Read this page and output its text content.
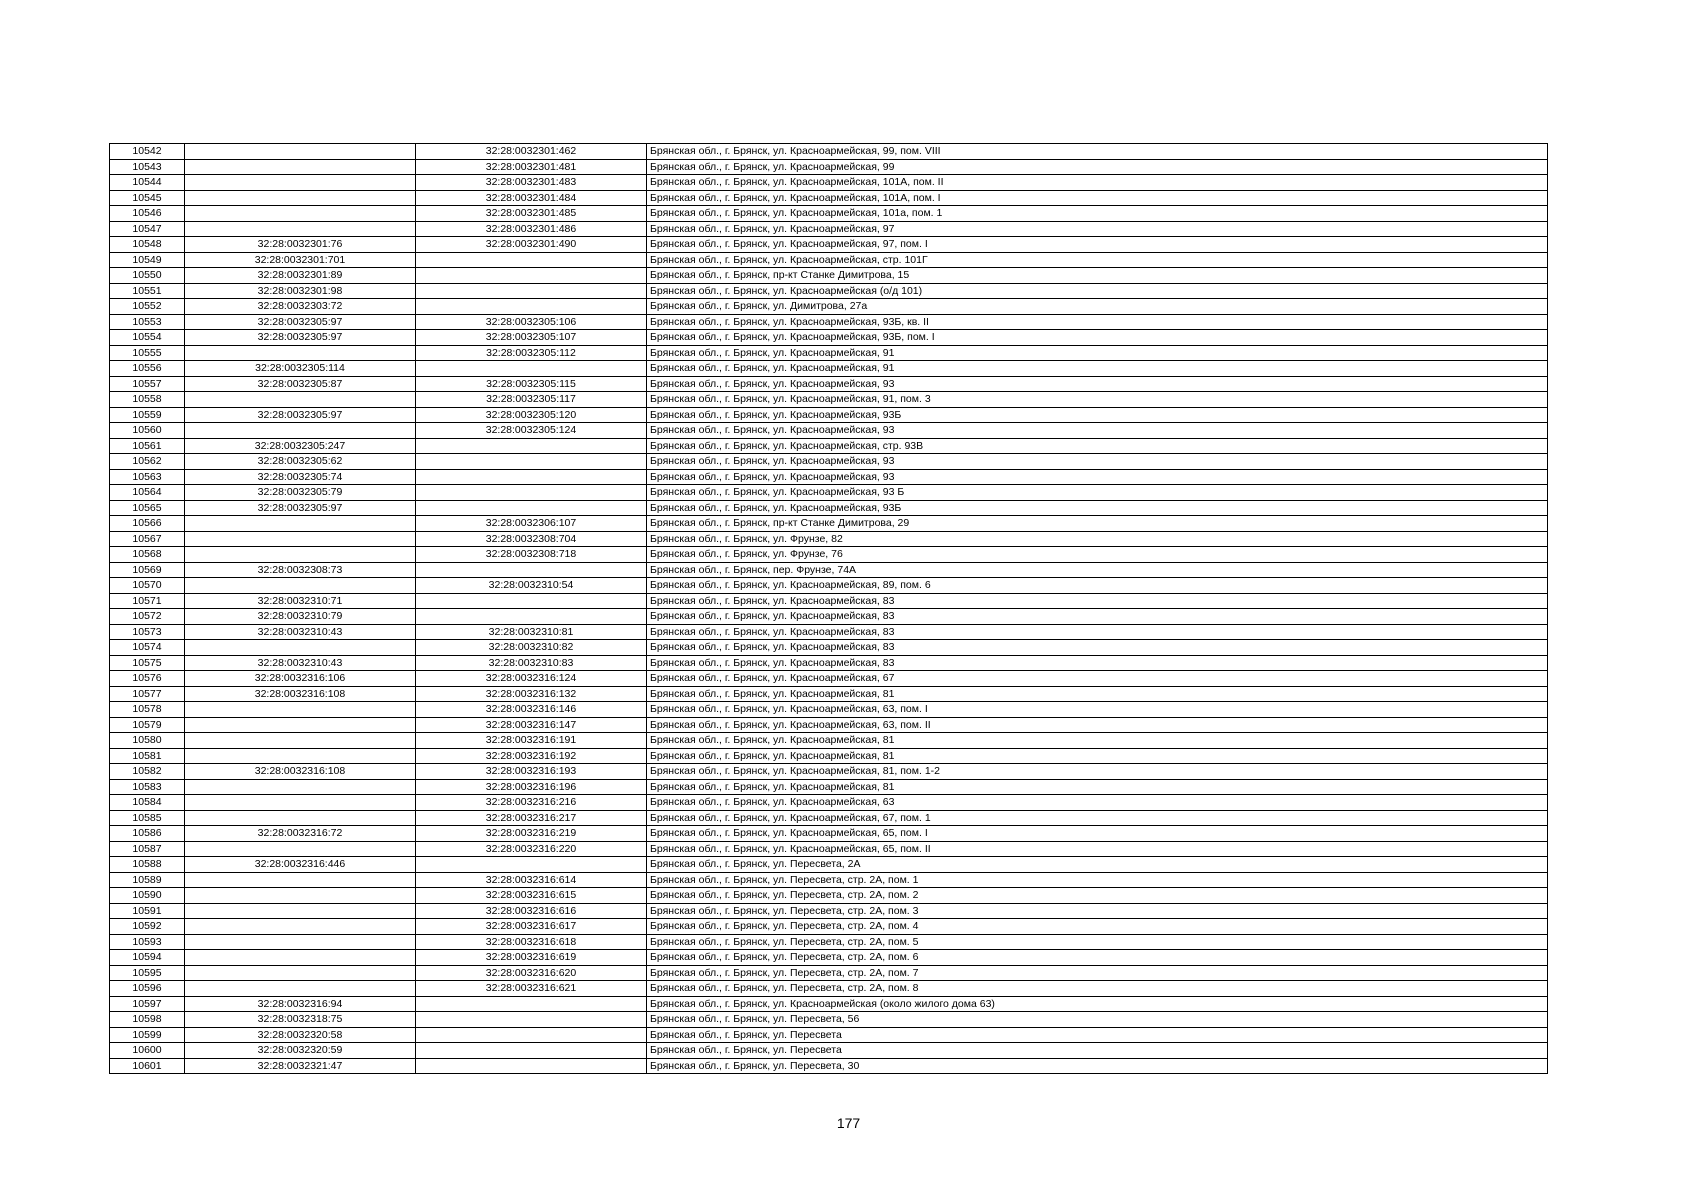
10542		32:28:0032301:462	Брянская обл., г. Брянск, ул. Красноармейская, 99, пом. VIII
10543		32:28:0032301:481	Брянская обл., г. Брянск, ул. Красноармейская, 99
10544		32:28:0032301:483	Брянская обл., г. Брянск, ул. Красноармейская, 101А, пом. II
10545		32:28:0032301:484	Брянская обл., г. Брянск, ул. Красноармейская, 101А, пом. I
10546		32:28:0032301:485	Брянская обл., г. Брянск, ул. Красноармейская, 101а, пом. 1
10547		32:28:0032301:486	Брянская обл., г. Брянск, ул. Красноармейская, 97
10548	32:28:0032301:76	32:28:0032301:490	Брянская обл., г. Брянск, ул. Красноармейская, 97, пом. I
10549	32:28:0032301:701		Брянская обл., г. Брянск, ул. Красноармейская, стр. 101Г
10550	32:28:0032301:89		Брянская обл., г. Брянск, пр-кт Станке Димитрова, 15
10551	32:28:0032301:98		Брянская обл., г. Брянск, ул. Красноармейская (о/д 101)
10552	32:28:0032303:72		Брянская обл., г. Брянск, ул. Димитрова, 27а
10553	32:28:0032305:97	32:28:0032305:106	Брянская обл., г. Брянск, ул. Красноармейская, 93Б, кв. II
10554	32:28:0032305:97	32:28:0032305:107	Брянская обл., г. Брянск, ул. Красноармейская, 93Б, пом. I
10555		32:28:0032305:112	Брянская обл., г. Брянск, ул. Красноармейская, 91
10556	32:28:0032305:114		Брянская обл., г. Брянск, ул. Красноармейская, 91
10557	32:28:0032305:87	32:28:0032305:115	Брянская обл., г. Брянск, ул. Красноармейская, 93
10558		32:28:0032305:117	Брянская обл., г. Брянск, ул. Красноармейская, 91, пом. 3
10559	32:28:0032305:97	32:28:0032305:120	Брянская обл., г. Брянск, ул. Красноармейская, 93Б
10560		32:28:0032305:124	Брянская обл., г. Брянск, ул. Красноармейская, 93
10561	32:28:0032305:247		Брянская обл., г. Брянск, ул. Красноармейская, стр. 93В
10562	32:28:0032305:62		Брянская обл., г. Брянск, ул. Красноармейская, 93
10563	32:28:0032305:74		Брянская обл., г. Брянск, ул. Красноармейская, 93
10564	32:28:0032305:79		Брянская обл., г. Брянск, ул. Красноармейская, 93 Б
10565	32:28:0032305:97		Брянская обл., г. Брянск, ул. Красноармейская, 93Б
10566		32:28:0032306:107	Брянская обл., г. Брянск, пр-кт Станке Димитрова, 29
10567		32:28:0032308:704	Брянская обл., г. Брянск, ул. Фрунзе, 82
10568		32:28:0032308:718	Брянская обл., г. Брянск, ул. Фрунзе, 76
10569	32:28:0032308:73		Брянская обл., г. Брянск, пер. Фрунзе, 74А
10570		32:28:0032310:54	Брянская обл., г. Брянск, ул. Красноармейская, 89, пом. 6
10571	32:28:0032310:71		Брянская обл., г. Брянск, ул. Красноармейская, 83
10572	32:28:0032310:79		Брянская обл., г. Брянск, ул. Красноармейская, 83
10573	32:28:0032310:43	32:28:0032310:81	Брянская обл., г. Брянск, ул. Красноармейская, 83
10574		32:28:0032310:82	Брянская обл., г. Брянск, ул. Красноармейская, 83
10575	32:28:0032310:43	32:28:0032310:83	Брянская обл., г. Брянск, ул. Красноармейская, 83
10576	32:28:0032316:106	32:28:0032316:124	Брянская обл., г. Брянск, ул. Красноармейская, 67
10577	32:28:0032316:108	32:28:0032316:132	Брянская обл., г. Брянск, ул. Красноармейская, 81
10578		32:28:0032316:146	Брянская обл., г. Брянск, ул. Красноармейская, 63, пом. I
10579		32:28:0032316:147	Брянская обл., г. Брянск, ул. Красноармейская, 63, пом. II
10580		32:28:0032316:191	Брянская обл., г. Брянск, ул. Красноармейская, 81
10581		32:28:0032316:192	Брянская обл., г. Брянск, ул. Красноармейская, 81
10582	32:28:0032316:108	32:28:0032316:193	Брянская обл., г. Брянск, ул. Красноармейская, 81, пом. 1-2
10583		32:28:0032316:196	Брянская обл., г. Брянск, ул. Красноармейская, 81
10584		32:28:0032316:216	Брянская обл., г. Брянск, ул. Красноармейская, 63
10585		32:28:0032316:217	Брянская обл., г. Брянск, ул. Красноармейская, 67, пом. 1
10586	32:28:0032316:72	32:28:0032316:219	Брянская обл., г. Брянск, ул. Красноармейская, 65, пом. I
10587		32:28:0032316:220	Брянская обл., г. Брянск, ул. Красноармейская, 65, пом. II
10588	32:28:0032316:446		Брянская обл., г. Брянск, ул. Пересвета, 2А
10589		32:28:0032316:614	Брянская обл., г. Брянск, ул. Пересвета, стр. 2А, пом. 1
10590		32:28:0032316:615	Брянская обл., г. Брянск, ул. Пересвета, стр. 2А, пом. 2
10591		32:28:0032316:616	Брянская обл., г. Брянск, ул. Пересвета, стр. 2А, пом. 3
10592		32:28:0032316:617	Брянская обл., г. Брянск, ул. Пересвета, стр. 2А, пом. 4
10593		32:28:0032316:618	Брянская обл., г. Брянск, ул. Пересвета, стр. 2А, пом. 5
10594		32:28:0032316:619	Брянская обл., г. Брянск, ул. Пересвета, стр. 2А, пом. 6
10595		32:28:0032316:620	Брянская обл., г. Брянск, ул. Пересвета, стр. 2А, пом. 7
10596		32:28:0032316:621	Брянская обл., г. Брянск, ул. Пересвета, стр. 2А, пом. 8
10597	32:28:0032316:94		Брянская обл., г. Брянск, ул. Красноармейская (около жилого дома 63)
10598	32:28:0032318:75		Брянская обл., г. Брянск, ул. Пересвета, 56
10599	32:28:0032320:58		Брянская обл., г. Брянск, ул. Пересвета
10600	32:28:0032320:59		Брянская обл., г. Брянск, ул. Пересвета
10601	32:28:0032321:47		Брянская обл., г. Брянск, ул. Пересвета, 30
177
